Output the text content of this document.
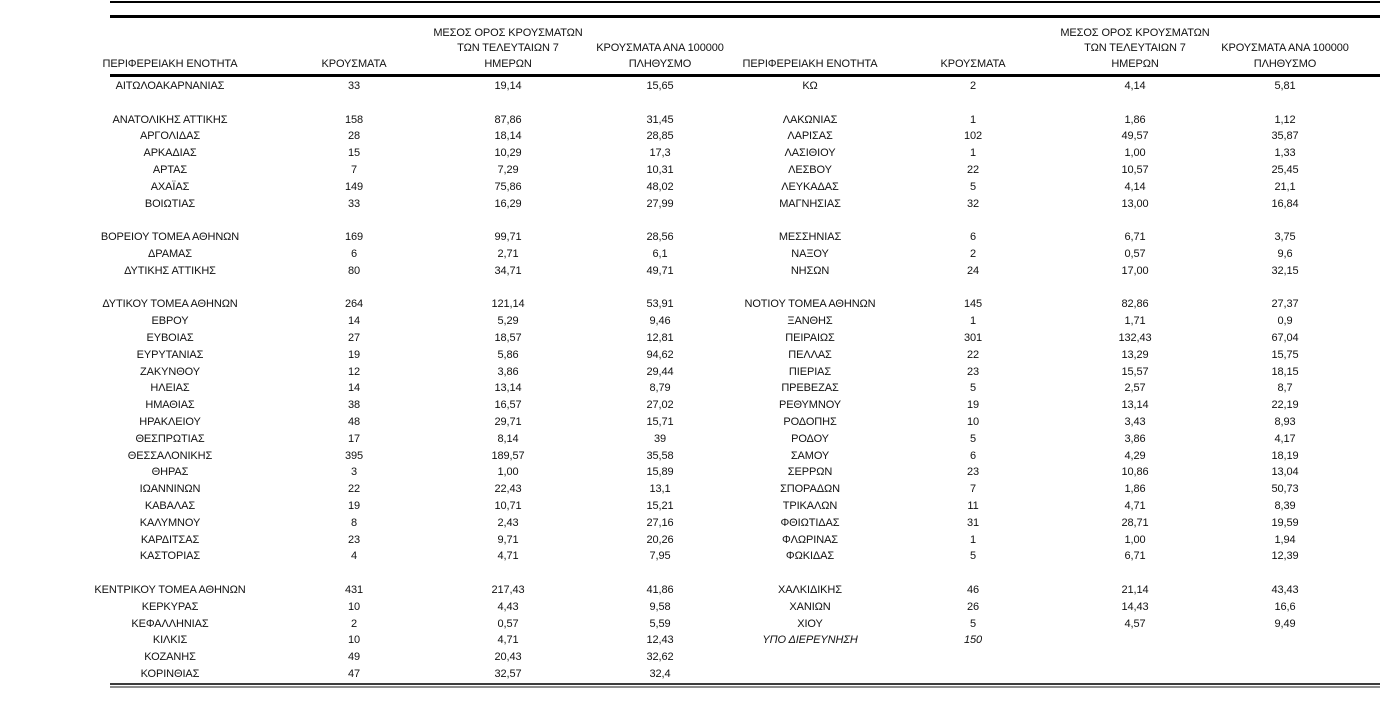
ΠΕΡΙΦΕΡΕΙΑΚΗ ΕΝΟΤΗΤΑ	ΚΡΟΥΣΜΑΤΑ
ΜΕΣΟΣ ΟΡΟΣ ΚΡΟΥΣΜΑΤΩΝ
ΤΩΝ ΤΕΛΕΥΤΑΙΩΝ 7
ΗΜΕΡΩΝ
ΚΡΟΥΣΜΑΤΑ ΑΝΑ 100000
ΠΛΗΘΥΣΜΟ	ΠΕΡΙΦΕΡΕΙΑΚΗ ΕΝΟΤΗΤΑ	ΚΡΟΥΣΜΑΤΑ
ΜΕΣΟΣ ΟΡΟΣ ΚΡΟΥΣΜΑΤΩΝ
ΤΩΝ ΤΕΛΕΥΤΑΙΩΝ 7
ΗΜΕΡΩΝ
ΚΡΟΥΣΜΑΤΑ ΑΝΑ 100000
ΠΛΗΘΥΣΜΟ
ΑΙΤΩΛΟΑΚΑΡΝΑΝΙΑΣ	33	19,14	15,65	ΚΩ	2	4,14	5,81
ΑΝΑΤΟΛΙΚΗΣ ΑΤΤΙΚΗΣ	158	87,86	31,45	ΛΑΚΩΝΙΑΣ	1	1,86	1,12
ΑΡΓΟΛΙΔΑΣ	28	18,14	28,85	ΛΑΡΙΣΑΣ	102	49,57	35,87
ΑΡΚΑΔΙΑΣ	15	10,29	17,3	ΛΑΣΙΘΙΟΥ	1	1,00	1,33
ΑΡΤΑΣ	7	7,29	10,31	ΛΕΣΒΟΥ	22	10,57	25,45
ΑΧΑΪΑΣ	149	75,86	48,02	ΛΕΥΚΑΔΑΣ	5	4,14	21,1
ΒΟΙΩΤΙΑΣ	33	16,29	27,99	ΜΑΓΝΗΣΙΑΣ	32	13,00	16,84
ΒΟΡΕΙΟΥ ΤΟΜΕΑ ΑΘΗΝΩΝ	169	99,71	28,56	ΜΕΣΣΗΝΙΑΣ	6	6,71	3,75
ΔΡΑΜΑΣ	6	2,71	6,1	ΝΑΞΟΥ	2	0,57	9,6
ΔΥΤΙΚΗΣ ΑΤΤΙΚΗΣ	80	34,71	49,71	ΝΗΣΩΝ	24	17,00	32,15
ΔΥΤΙΚΟΥ ΤΟΜΕΑ ΑΘΗΝΩΝ	264	121,14	53,91	ΝΟΤΙΟΥ ΤΟΜΕΑ ΑΘΗΝΩΝ	145	82,86	27,37
ΕΒΡΟΥ	14	5,29	9,46	ΞΑΝΘΗΣ	1	1,71	0,9
ΕΥΒΟΙΑΣ	27	18,57	12,81	ΠΕΙΡΑΙΩΣ	301	132,43	67,04
ΕΥΡΥΤΑΝΙΑΣ	19	5,86	94,62	ΠΕΛΛΑΣ	22	13,29	15,75
ΖΑΚΥΝΘΟΥ	12	3,86	29,44	ΠΙΕΡΙΑΣ	23	15,57	18,15
ΗΛΕΙΑΣ	14	13,14	8,79	ΠΡΕΒΕΖΑΣ	5	2,57	8,7
ΗΜΑΘΙΑΣ	38	16,57	27,02	ΡΕΘΥΜΝΟΥ	19	13,14	22,19
ΗΡΑΚΛΕΙΟΥ	48	29,71	15,71	ΡΟΔΟΠΗΣ	10	3,43	8,93
ΘΕΣΠΡΩΤΙΑΣ	17	8,14	39	ΡΟΔΟΥ	5	3,86	4,17
ΘΕΣΣΑΛΟΝΙΚΗΣ	395	189,57	35,58	ΣΑΜΟΥ	6	4,29	18,19
ΘΗΡΑΣ	3	1,00	15,89	ΣΕΡΡΩΝ	23	10,86	13,04
ΙΩΑΝΝΙΝΩΝ	22	22,43	13,1	ΣΠΟΡΑΔΩΝ	7	1,86	50,73
ΚΑΒΑΛΑΣ	19	10,71	15,21	ΤΡΙΚΑΛΩΝ	11	4,71	8,39
ΚΑΛΥΜΝΟΥ	8	2,43	27,16	ΦΘΙΩΤΙΔΑΣ	31	28,71	19,59
ΚΑΡΔΙΤΣΑΣ	23	9,71	20,26	ΦΛΩΡΙΝΑΣ	1	1,00	1,94
ΚΑΣΤΟΡΙΑΣ	4	4,71	7,95	ΦΩΚΙΔΑΣ	5	6,71	12,39
ΚΕΝΤΡΙΚΟΥ ΤΟΜΕΑ ΑΘΗΝΩΝ	431	217,43	41,86	ΧΑΛΚΙΔΙΚΗΣ	46	21,14	43,43
ΚΕΡΚΥΡΑΣ	10	4,43	9,58	ΧΑΝΙΩΝ	26	14,43	16,6
ΚΕΦΑΛΛΗΝΙΑΣ	2	0,57	5,59	ΧΙΟΥ	5	4,57	9,49
ΚΙΛΚΙΣ	10	4,71	12,43	ΥΠΟ ΔΙΕΡΕΥΝΗΣΗ	150
ΚΟΖΑΝΗΣ	49	20,43	32,62
ΚΟΡΙΝΘΙΑΣ	47	32,57	32,4
